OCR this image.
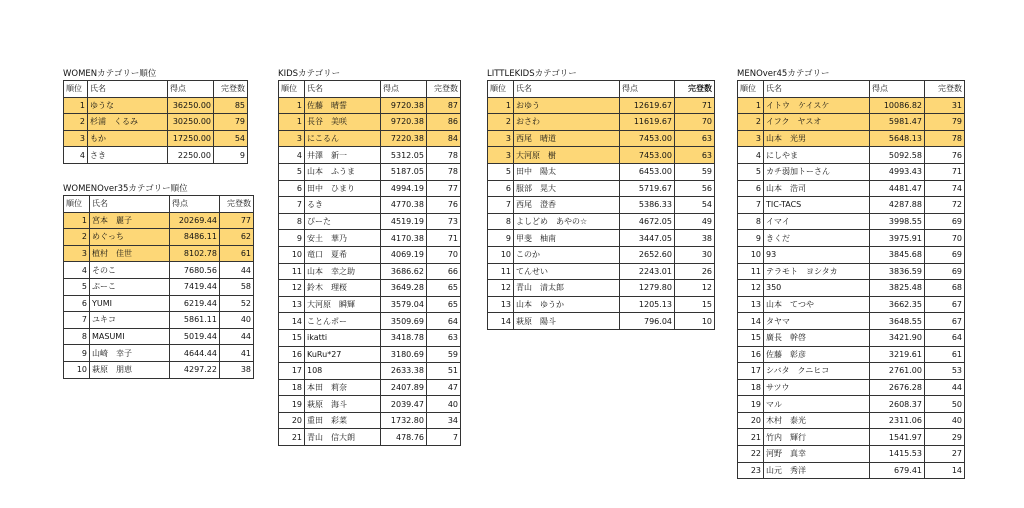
WOMENカテゴリー順位
順位	氏名	得点	完登数
1	ゆうな	36250.00	85
2	杉浦　くるみ	30250.00	79
3	もか	17250.00	54
4	さき	2250.00	9
WOMENOver35カテゴリー順位
順位	氏名	得点	完登数
1	宮本　麗子	20269.44	77
2	めぐっち	8486.11	62
3	植村　佳世	8102.78	61
4	そのこ	7680.56	44
5	ぷーこ	7419.44	58
6	YUMI	6219.44	52
7	ユキコ	5861.11	40
8	MASUMI	5019.44	44
9	山崎　幸子	4644.44	41
10	萩原　朋恵	4297.22	38
KIDSカテゴリー
順位	氏名	得点	完登数
1	佐藤　晴誓	9720.38	87
1	長谷　美咲	9720.38	86
3	にこるん	7220.38	84
4	井澤　新一	5312.05	78
5	山本　ふうま	5187.05	78
6	田中　ひまり	4994.19	77
7	るき	4770.38	76
8	ぴーた	4519.19	73
9	安土　華乃	4170.38	71
10	竜口　夏希	4069.19	70
11	山本　幸之助	3686.62	66
12	鈴木　理桜	3649.28	65
13	大河原　瞬輝	3579.04	65
14	ことんポー	3509.69	64
15	ikatti	3418.78	63
16	KuRu*27	3180.69	59
17	108	2633.38	51
18	本田　莉奈	2407.89	47
19	萩原　海斗	2039.47	40
20	重田　彩菜	1732.80	34
21	青山　信大朗	478.76	7
LITTLEKIDSカテゴリー
順位	氏名	得点	完登数
1	おゆう	12619.67	71
2	おさわ	11619.67	70
3	西尾　晴道	7453.00	63
3	大河原　樹	7453.00	63
5	田中　陽太	6453.00	59
6	服部　晃大	5719.67	56
7	西尾　澄香	5386.33	54
8	よしどめ　あやの☆	4672.05	49
9	甲斐　柚南	3447.05	38
10	このか	2652.60	30
11	てんせい	2243.01	26
12	青山　清太郎	1279.80	12
13	山本　ゆうか	1205.13	15
14	萩原　陽斗	796.04	10
MENOver45カテゴリー
順位	氏名	得点	完登数
1	イトウ　ケイスケ	10086.82	31
2	イフク　ヤスオ	5981.47	79
3	山本　光男	5648.13	78
4	にしやま	5092.58	76
5	カチ弱加トーさん	4993.43	71
6	山本　浩司	4481.47	74
7	TIC-TACS	4287.88	72
8	イマイ	3998.55	69
9	きくだ	3975.91	70
10	93	3845.68	69
11	テラモト　ヨシタカ	3836.59	69
12	350	3825.48	68
13	山本　てつや	3662.35	67
14	タヤマ	3648.55	67
15	廣長　幹啓	3421.90	64
16	佐藤　彰彦	3219.61	61
17	シバタ　クニヒコ	2761.00	53
18	サツウ	2676.28	44
19	マル	2608.37	50
20	木村　泰光	2311.06	40
21	竹内　輝行	1541.97	29
22	河野　真幸	1415.53	27
23	山元　秀洋	679.41	14
